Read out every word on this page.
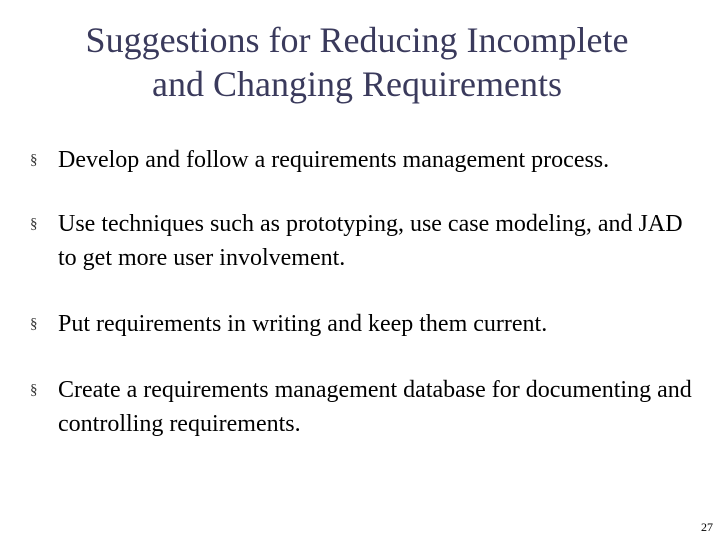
Suggestions for Reducing Incomplete
and Changing Requirements
§ Develop and follow a requirements management process.
§ Use techniques such as prototyping, use case modeling, and JAD to get more user involvement.
§ Put requirements in writing and keep them current.
§ Create a requirements management database for documenting and controlling requirements.
27
